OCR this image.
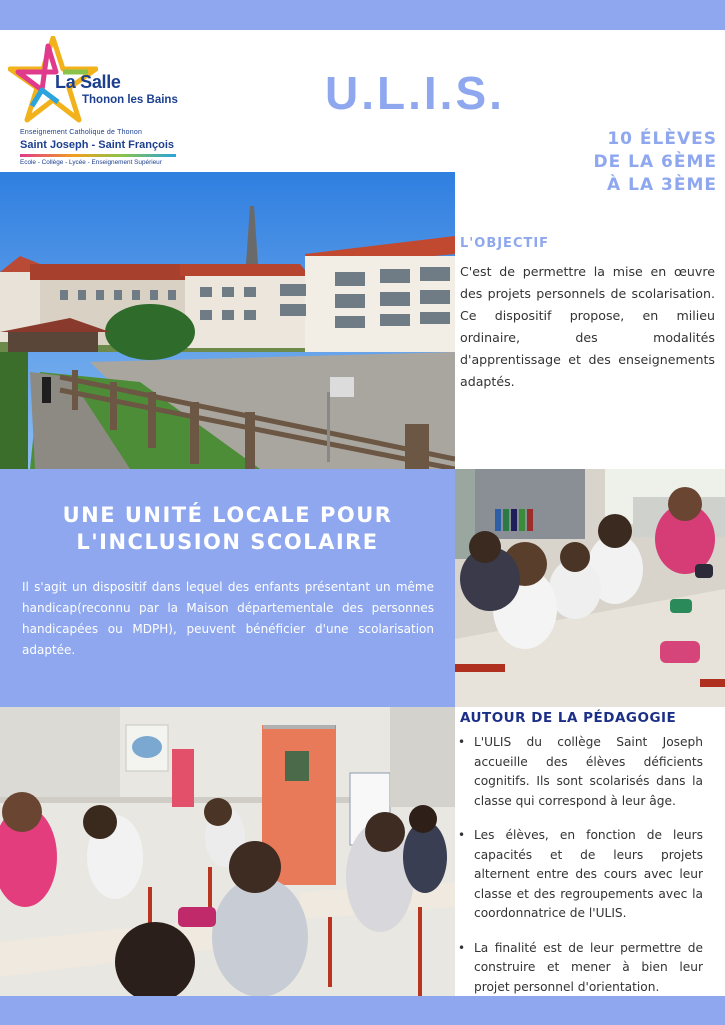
La Salle
Thonon les Bains
Enseignement Catholique de Thonon
Saint Joseph - Saint François
Ecole - Collège - Lycée - Enseignement Supérieur
U.L.I.S.
10 ÉLÈVES
DE LA 6ÈME
À LA 3ÈME
L'OBJECTIF
C'est de permettre la mise en œuvre des projets personnels de scolarisation. Ce dispositif propose, en milieu ordinaire, des modalités d'apprentissage et des enseignements adaptés.
UNE UNITÉ LOCALE POUR
L'INCLUSION SCOLAIRE
Il s'agit un dispositif dans lequel des enfants présentant un même handicap(reconnu par la Maison départementale des personnes handicapées ou MDPH), peuvent bénéficier d'une scolarisation adaptée.
AUTOUR DE LA PÉDAGOGIE
• L'ULIS du collège Saint Joseph accueille des élèves déficients cognitifs. Ils sont scolarisés dans la classe qui correspond à leur âge.
• Les élèves, en fonction de leurs capacités et de leurs projets alternent entre des cours avec leur classe et des regroupements avec la coordonnatrice de l'ULIS.
• La finalité est de leur permettre de construire et mener à bien leur projet personnel d'orientation.
